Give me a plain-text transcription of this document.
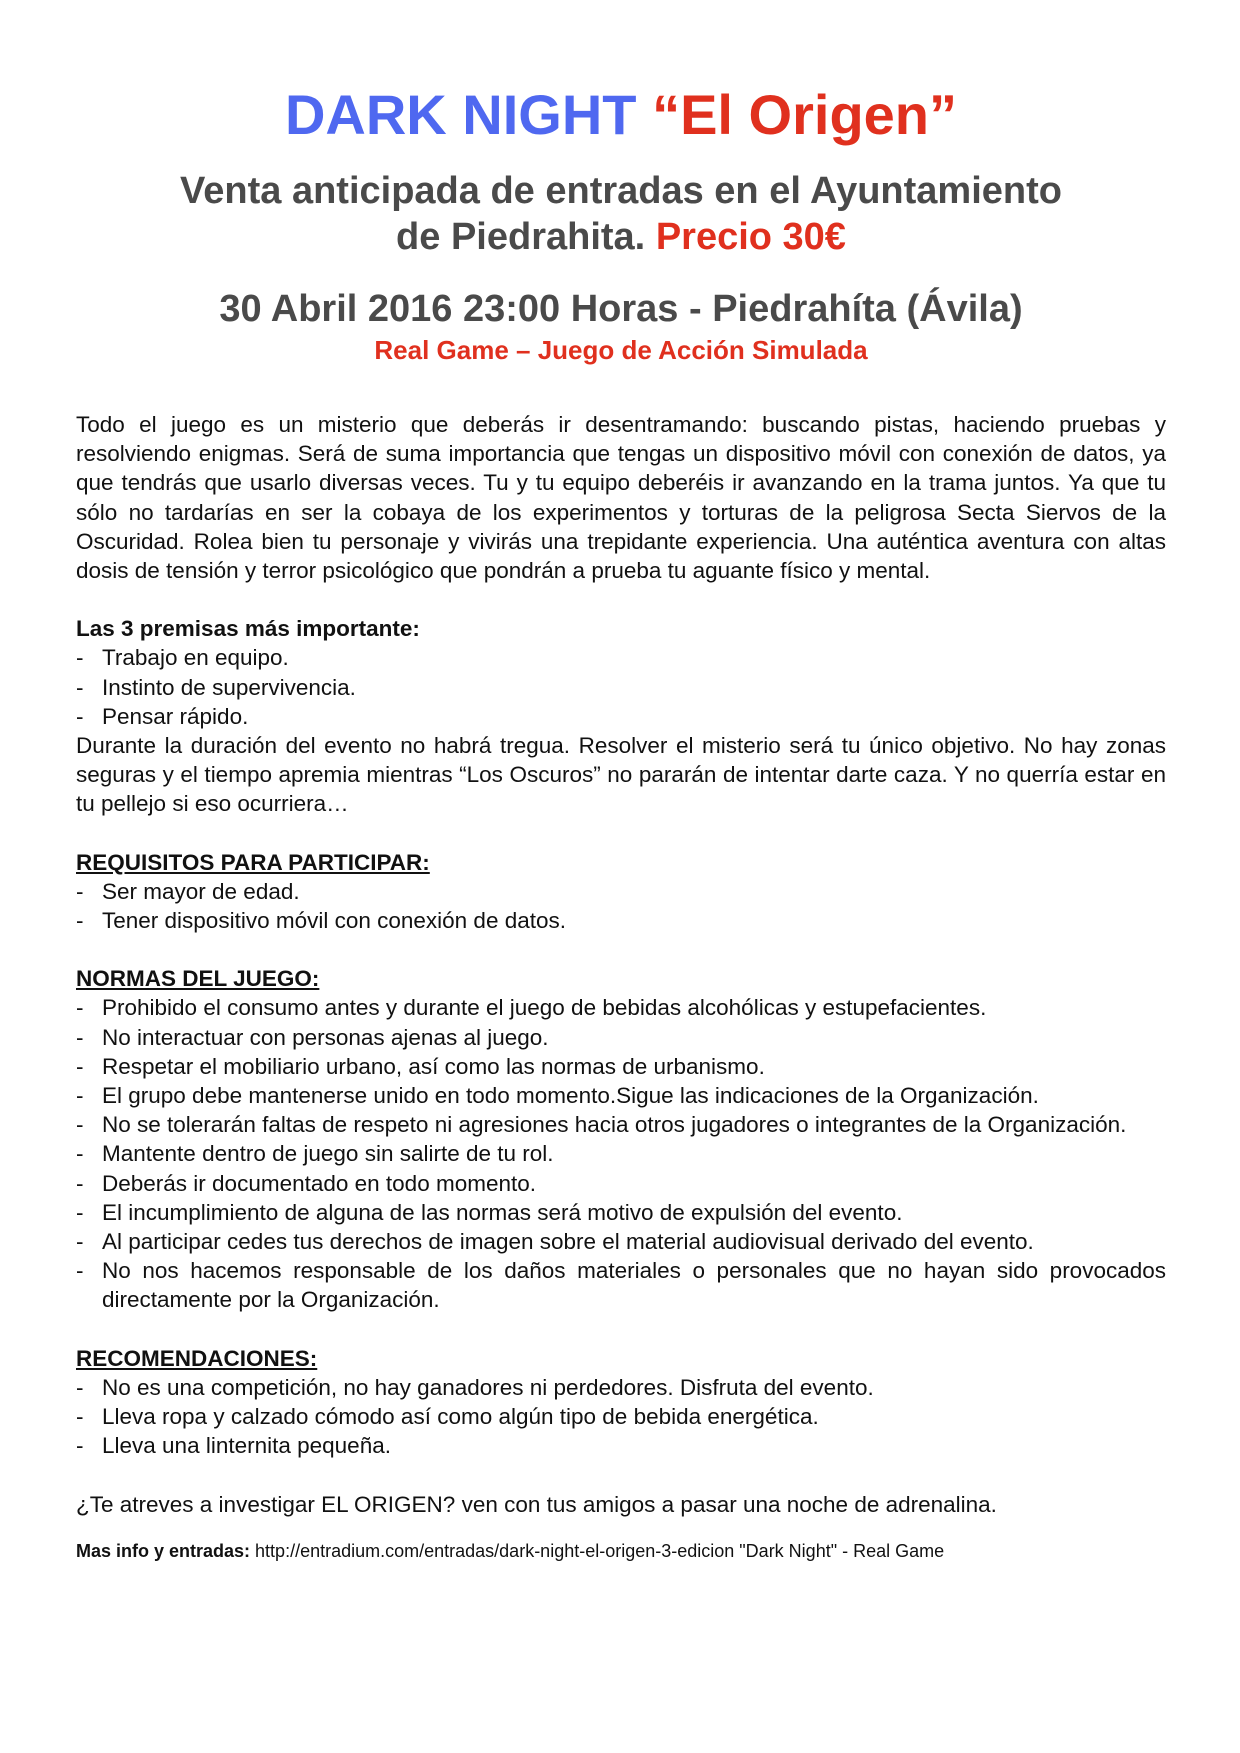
DARK NIGHT “El Origen”

Venta anticipada de entradas en el Ayuntamiento
de Piedrahita. Precio 30€

30 Abril 2016 23:00 Horas - Piedrahíta (Ávila)

Real Game – Juego de Acción Simulada

Todo el juego es un misterio que deberás ir desentramando: buscando pistas, haciendo pruebas y resolviendo enigmas. Será de suma importancia que tengas un dispositivo móvil con conexión de datos, ya que tendrás que usarlo diversas veces. Tu y tu equipo deberéis ir avanzando en la trama juntos. Ya que tu sólo no tardarías en ser la cobaya de los experimentos y torturas de la peligrosa Secta Siervos de la Oscuridad. Rolea bien tu personaje y vivirás una trepidante experiencia. Una auténtica aventura con altas dosis de tensión y terror psicológico que pondrán a prueba tu aguante físico y mental.

Las 3 premisas más importante:

- Trabajo en equipo.
- Instinto de supervivencia.
- Pensar rápido.

Durante la duración del evento no habrá tregua. Resolver el misterio será tu único objetivo. No hay zonas seguras y el tiempo apremia mientras “Los Oscuros” no pararán de intentar darte caza. Y no querría estar en tu pellejo si eso ocurriera…

REQUISITOS PARA PARTICIPAR:

- Ser mayor de edad.
- Tener dispositivo móvil con conexión de datos.

NORMAS DEL JUEGO:

- Prohibido el consumo antes y durante el juego de bebidas alcohólicas y estupefacientes.
- No interactuar con personas ajenas al juego.
- Respetar el mobiliario urbano, así como las normas de urbanismo.
- El grupo debe mantenerse unido en todo momento.Sigue las indicaciones de la Organización.
- No se tolerarán faltas de respeto ni agresiones hacia otros jugadores o integrantes de la Organización.
- Mantente dentro de juego sin salirte de tu rol.
- Deberás ir documentado en todo momento.
- El incumplimiento de alguna de las normas será motivo de expulsión del evento.
- Al participar cedes tus derechos de imagen sobre el material audiovisual derivado del evento.
- No nos hacemos responsable de los daños materiales o personales que no hayan sido provocados directamente por la Organización.

RECOMENDACIONES:

- No es una competición, no hay ganadores ni perdedores. Disfruta del evento.
- Lleva ropa y calzado cómodo así como algún tipo de bebida energética.
- Lleva una linternita pequeña.

¿Te atreves a investigar EL ORIGEN? ven con tus amigos a pasar una noche de adrenalina.

Mas info y entradas: http://entradium.com/entradas/dark-night-el-origen-3-edicion "Dark Night" - Real Game
